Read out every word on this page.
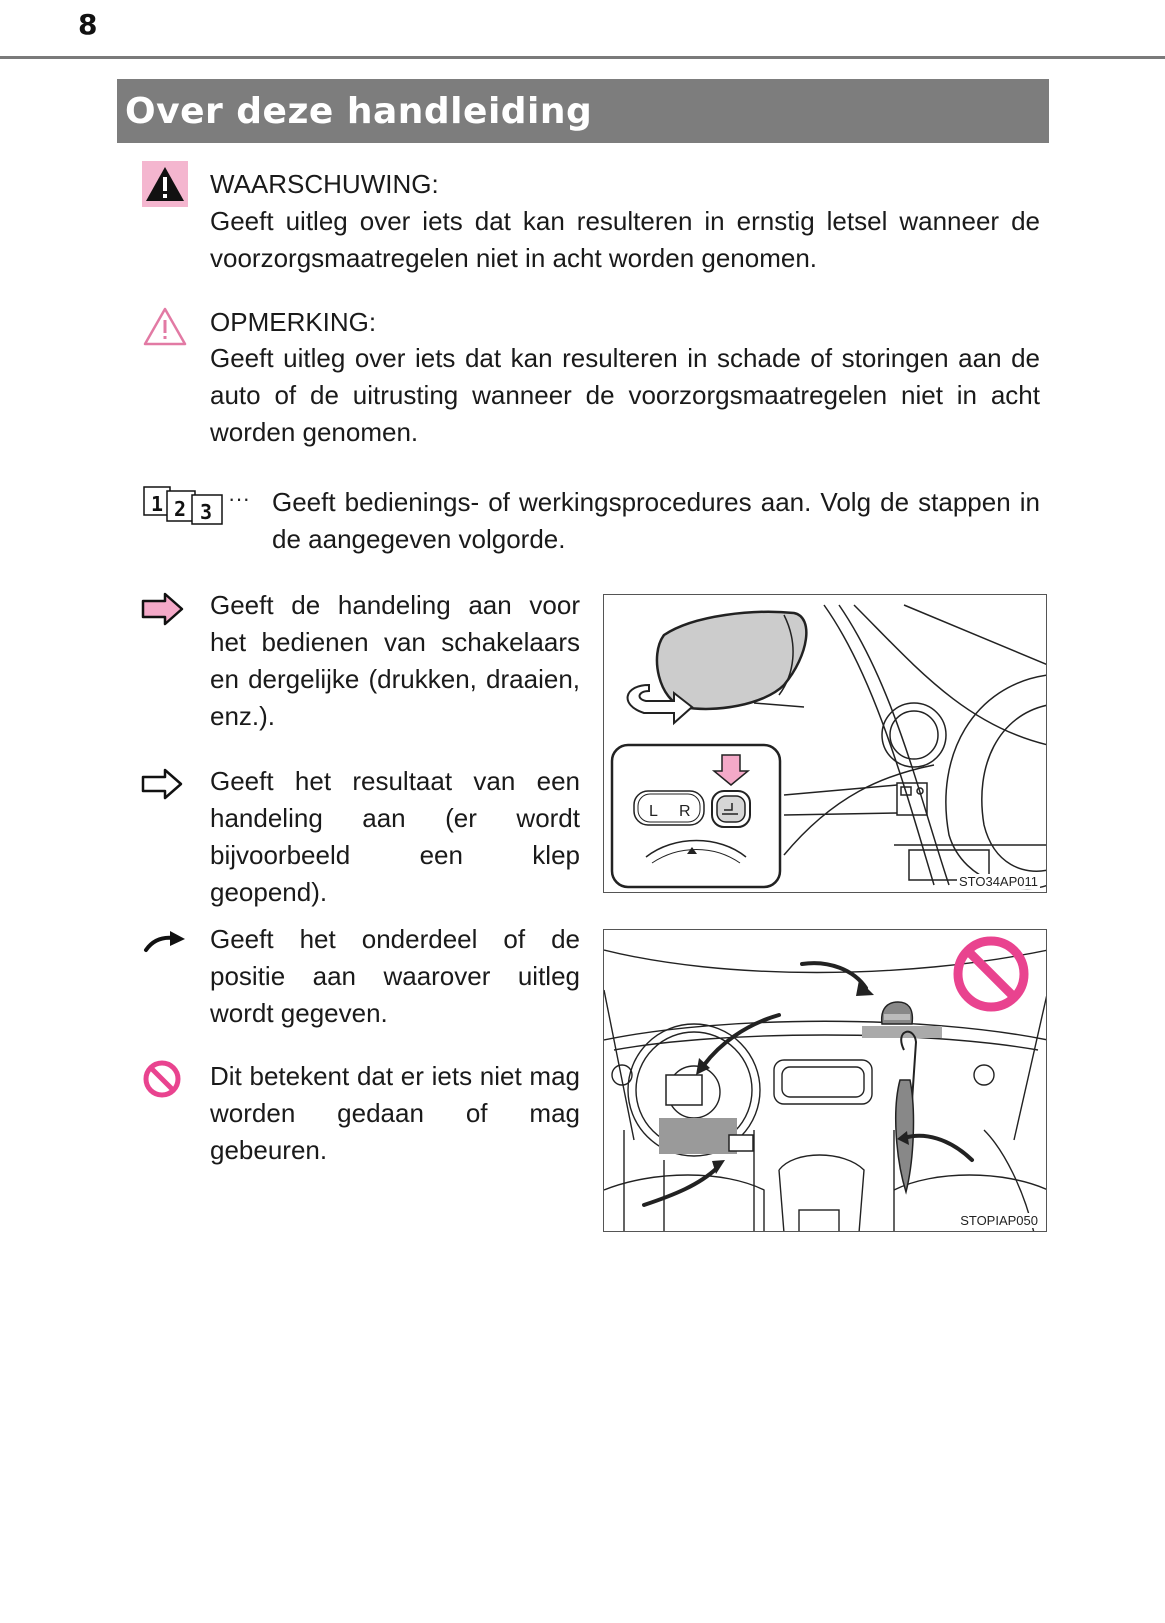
8
Over deze handleiding
WAARSCHUWING:
Geeft uitleg over iets dat kan resulteren in ernstig letsel wanneer de voorzorgsmaatregelen niet in acht worden genomen.
OPMERKING:
Geeft uitleg over iets dat kan resulteren in schade of storingen aan de auto of de uitrusting wanneer de voorzorgsmaatregelen niet in acht worden genomen.
1 2 3
··· Geeft bedienings- of werkingsprocedures aan. Volg de stappen in de aangegeven volgorde.
Geeft de handeling aan voor het bedienen van schakelaars en dergelijke (drukken, draaien, enz.).
Geeft het resultaat van een handeling aan (er wordt bijvoorbeeld een klep geopend).
Geeft het onderdeel of de positie aan waarover uitleg wordt gegeven.
Dit betekent dat er iets niet mag worden gedaan of mag gebeuren.
L R
STO34AP011
STOPIAP050
